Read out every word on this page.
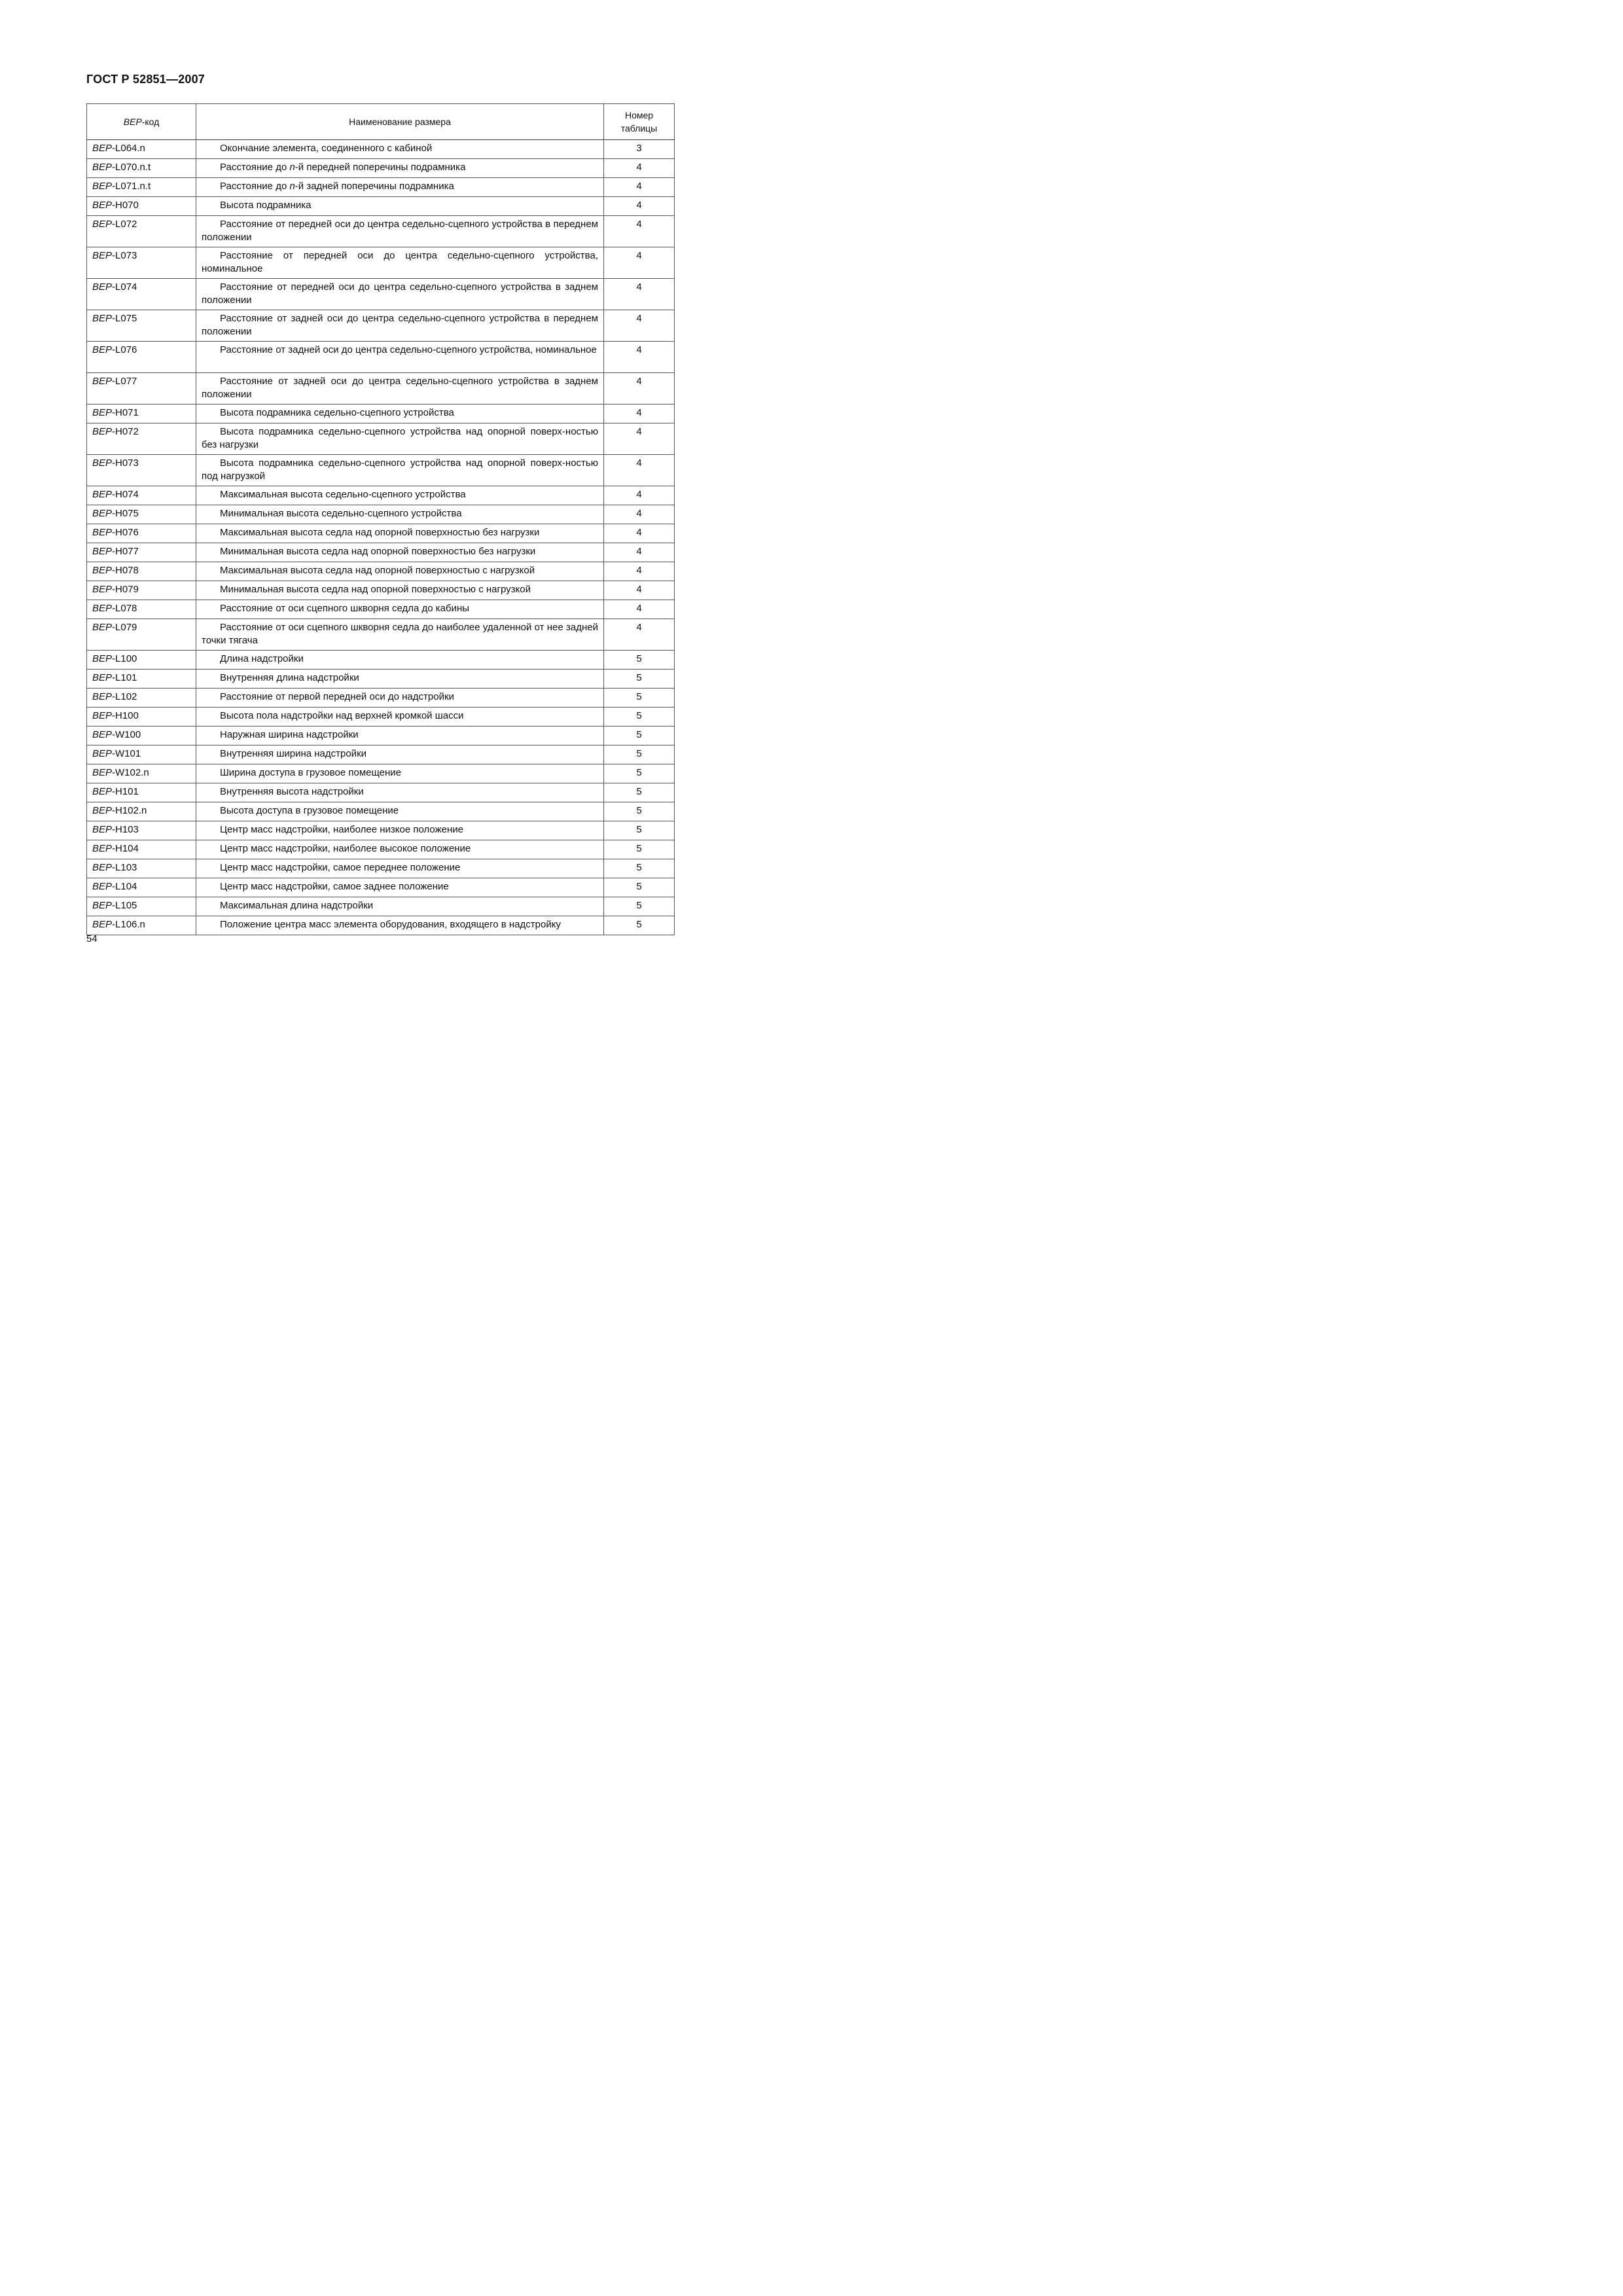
ГОСТ Р 52851—2007
BEP-код	Наименование размера	Номер
таблицы
BEP-L064.n	Окончание элемента, соединенного с кабиной	3
BEP-L070.n.t	Расстояние до n-й передней поперечины подрамника	4
BEP-L071.n.t	Расстояние до n-й задней поперечины подрамника	4
BEP-H070	Высота подрамника	4
BEP-L072	Расстояние от передней оси до центра седельно-сцепного устройства в переднем положении	4
BEP-L073	Расстояние от передней оси до центра седельно-сцепного устройства, номинальное	4
BEP-L074	Расстояние от передней оси до центра седельно-сцепного устройства в заднем положении	4
BEP-L075	Расстояние от задней оси до центра седельно-сцепного устройства в переднем положении	4
BEP-L076	Расстояние от задней оси до центра седельно-сцепного устройства, номинальное	4
BEP-L077	Расстояние от задней оси до центра седельно-сцепного устройства в заднем положении	4
BEP-H071	Высота подрамника седельно-сцепного устройства	4
BEP-H072	Высота подрамника седельно-сцепного устройства над опорной поверх-ностью без нагрузки	4
BEP-H073	Высота подрамника седельно-сцепного устройства над опорной поверх-ностью под нагрузкой	4
BEP-H074	Максимальная высота седельно-сцепного устройства	4
BEP-H075	Минимальная высота седельно-сцепного устройства	4
BEP-H076	Максимальная высота седла над опорной поверхностью без нагрузки	4
BEP-H077	Минимальная высота седла над опорной поверхностью без нагрузки	4
BEP-H078	Максимальная высота седла над опорной поверхностью с нагрузкой	4
BEP-H079	Минимальная высота седла над опорной поверхностью с нагрузкой	4
BEP-L078	Расстояние от оси сцепного шкворня седла до кабины	4
BEP-L079	Расстояние от оси сцепного шкворня седла до наиболее удаленной от нее задней точки тягача	4
BEP-L100	Длина надстройки	5
BEP-L101	Внутренняя длина надстройки	5
BEP-L102	Расстояние от первой передней оси до надстройки	5
BEP-H100	Высота пола надстройки над верхней кромкой шасси	5
BEP-W100	Наружная ширина надстройки	5
BEP-W101	Внутренняя ширина надстройки	5
BEP-W102.n	Ширина доступа в грузовое помещение	5
BEP-H101	Внутренняя высота надстройки	5
BEP-H102.n	Высота доступа в грузовое помещение	5
BEP-H103	Центр масс надстройки, наиболее низкое положение	5
BEP-H104	Центр масс надстройки, наиболее высокое положение	5
BEP-L103	Центр масс надстройки, самое переднее положение	5
BEP-L104	Центр масс надстройки, самое заднее положение	5
BEP-L105	Максимальная длина надстройки	5
BEP-L106.n	Положение центра масс элемента оборудования, входящего в надстройку	5
54
